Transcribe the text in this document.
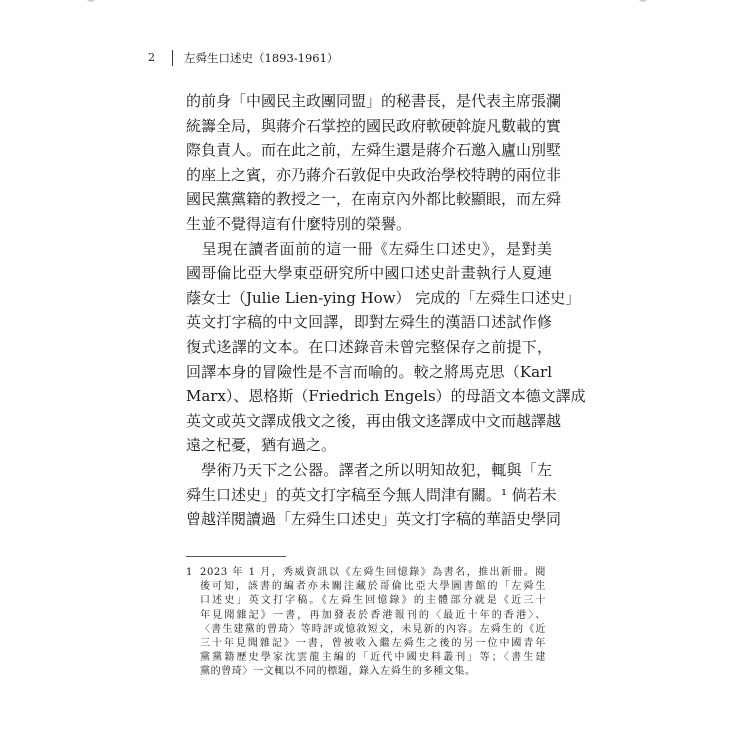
2	左舜生口述史（1893-1961）
的前身「中國民主政團同盟」的秘書長，是代表主席張瀾
統籌全局，與蔣介石掌控的國民政府軟硬斡旋凡數載的實
際負責人。而在此之前，左舜生還是蔣介石邀入廬山別墅
的座上之賓，亦乃蔣介石敦促中央政治學校特聘的兩位非
國民黨黨籍的教授之一，在南京內外都比較顯眼，而左舜
生並不覺得這有什麼特別的榮譽。
　呈現在讀者面前的這一冊《左舜生口述史》，是對美
國哥倫比亞大學東亞研究所中國口述史計畫執行人夏連
蔭女士（Julie Lien-ying How） 完成的「左舜生口述史」
英文打字稿的中文回譯，即對左舜生的漢語口述試作修
復式迻譯的文本。在口述錄音未曾完整保存之前提下，
回譯本身的冒險性是不言而喻的。較之將馬克思（Karl
Marx）、恩格斯（Friedrich Engels）的母語文本德文譯成
英文或英文譯成俄文之後，再由俄文迻譯成中文而越譯越
遠之杞憂，猶有過之。
　學術乃天下之公器。譯者之所以明知故犯，輒與「左
舜生口述史」的英文打字稿至今無人問津有關。¹ 倘若未
曾越洋閱讀過「左舜生口述史」英文打字稿的華語史學同
1 2023 年 1 月，秀威資訊以《左舜生回憶錄》為書名，推出新冊。閱
後可知，該書的編者亦未關注藏於哥倫比亞大學圖書館的「左舜生
口述史」英文打字稿。《左舜生回憶錄》的主體部分就是《近三十
年見聞雜記》一書，再加發表於香港報刊的〈最近十年的香港〉、
〈書生建黨的曾琦〉等時評或憶敘短文，未見新的內容。左舜生的《近
三十年見聞雜記》一書，曾被收入繼左舜生之後的另一位中國青年
黨黨籍歷史學家沈雲龍主編的「近代中國史料叢刊」等；〈書生建
黨的曾琦〉一文輒以不同的標題，錄入左舜生的多種文集。
